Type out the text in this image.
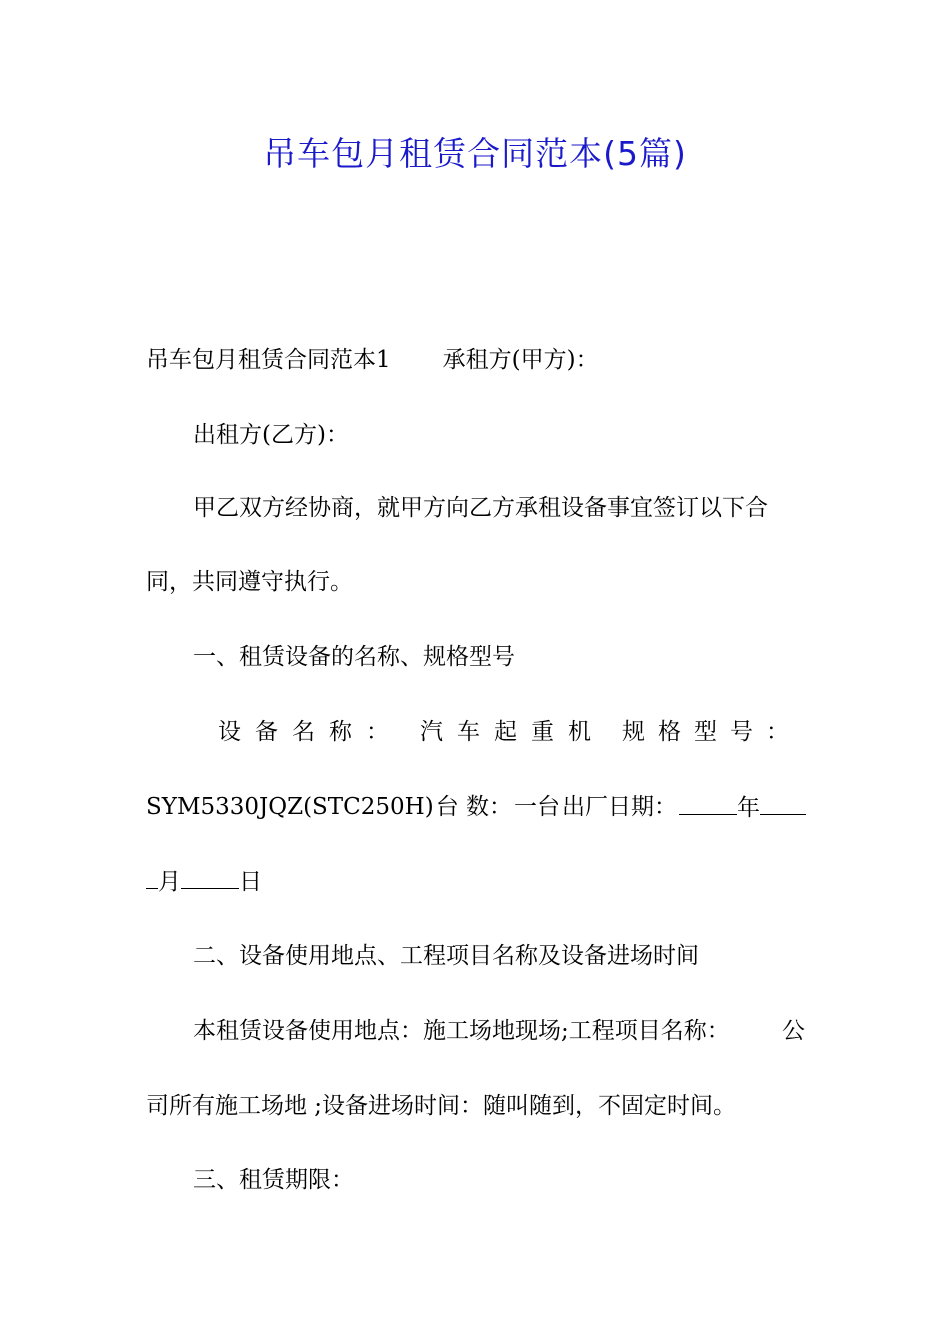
吊车包月租赁合同范本(5篇)
吊车包月租赁合同范本1 承租方(甲方)：
出租方(乙方)：
甲乙双方经协商，就甲方向乙方承租设备事宜签订以下合
同，共同遵守执行。
一、租赁设备的名称、规格型号
设备名称： 汽车起重机 规格型号：
SYM5330JQZ(STC250H) 台 数： 一台 出厂日期：	年
月	日
二、设备使用地点、工程项目名称及设备进场时间
本租赁设备使用地点：施工场地现场;工程项目名称： 公
司所有施工场地 ;设备进场时间：随叫随到，不固定时间。
三、租赁期限：
